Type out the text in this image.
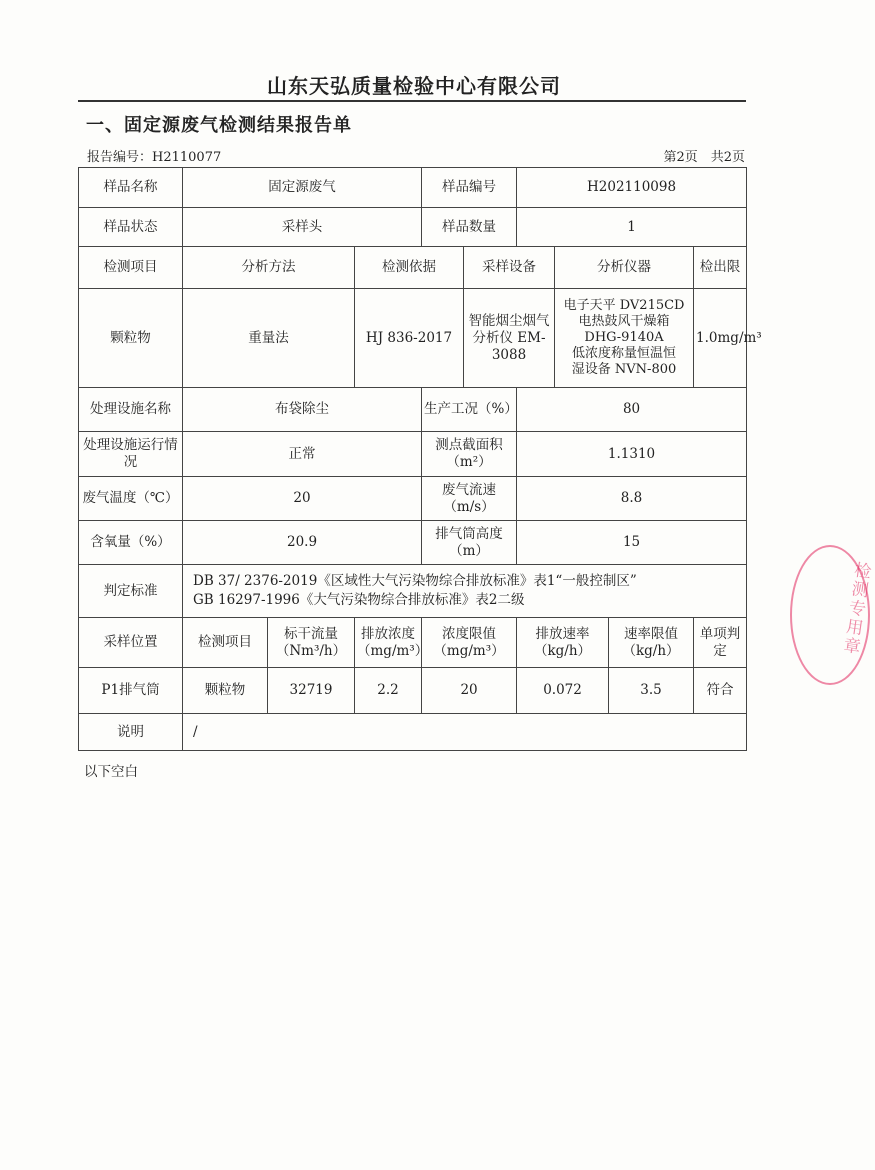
山东天弘质量检验中心有限公司
一、固定源废气检测结果报告单
报告编号：H2110077	第2页　共2页
样品名称	固定源废气			样品编号		H202110098			
样品状态	采样头			样品数量		1			
检测项目	分析方法		检测依据		采样设备		分析仪器		检出限
颗粒物	重量法		HJ 836-2017		智能烟尘烟气分析仪 EM-3088		电子天平 DV215CD
电热鼓风干燥箱
DHG-9140A
低浓度称量恒温恒
湿设备 NVN-800		1.0mg/m³
处理设施名称	布袋除尘			生产工况（%）		80			
处理设施运行情况	正常			测点截面积（m²）		1.1310			
废气温度（℃）	20			废气流速（m/s）		8.8			
含氧量（%）	20.9			排气筒高度（m）		15			
判定标准	DB 37/ 2376-2019《区域性大气污染物综合排放标准》表1“一般控制区”
GB 16297-1996《大气污染物综合排放标准》表2二级								

采样位置	检测项目	标干流量（Nm³/h）	排放浓度（mg/m³）	浓度限值（mg/m³）		排放速率（kg/h）		速率限值（kg/h）	单项判定
P1排气筒	颗粒物	32719	2.2	20		0.072		3.5	符合
说明	/								
以下空白
检测专用章
